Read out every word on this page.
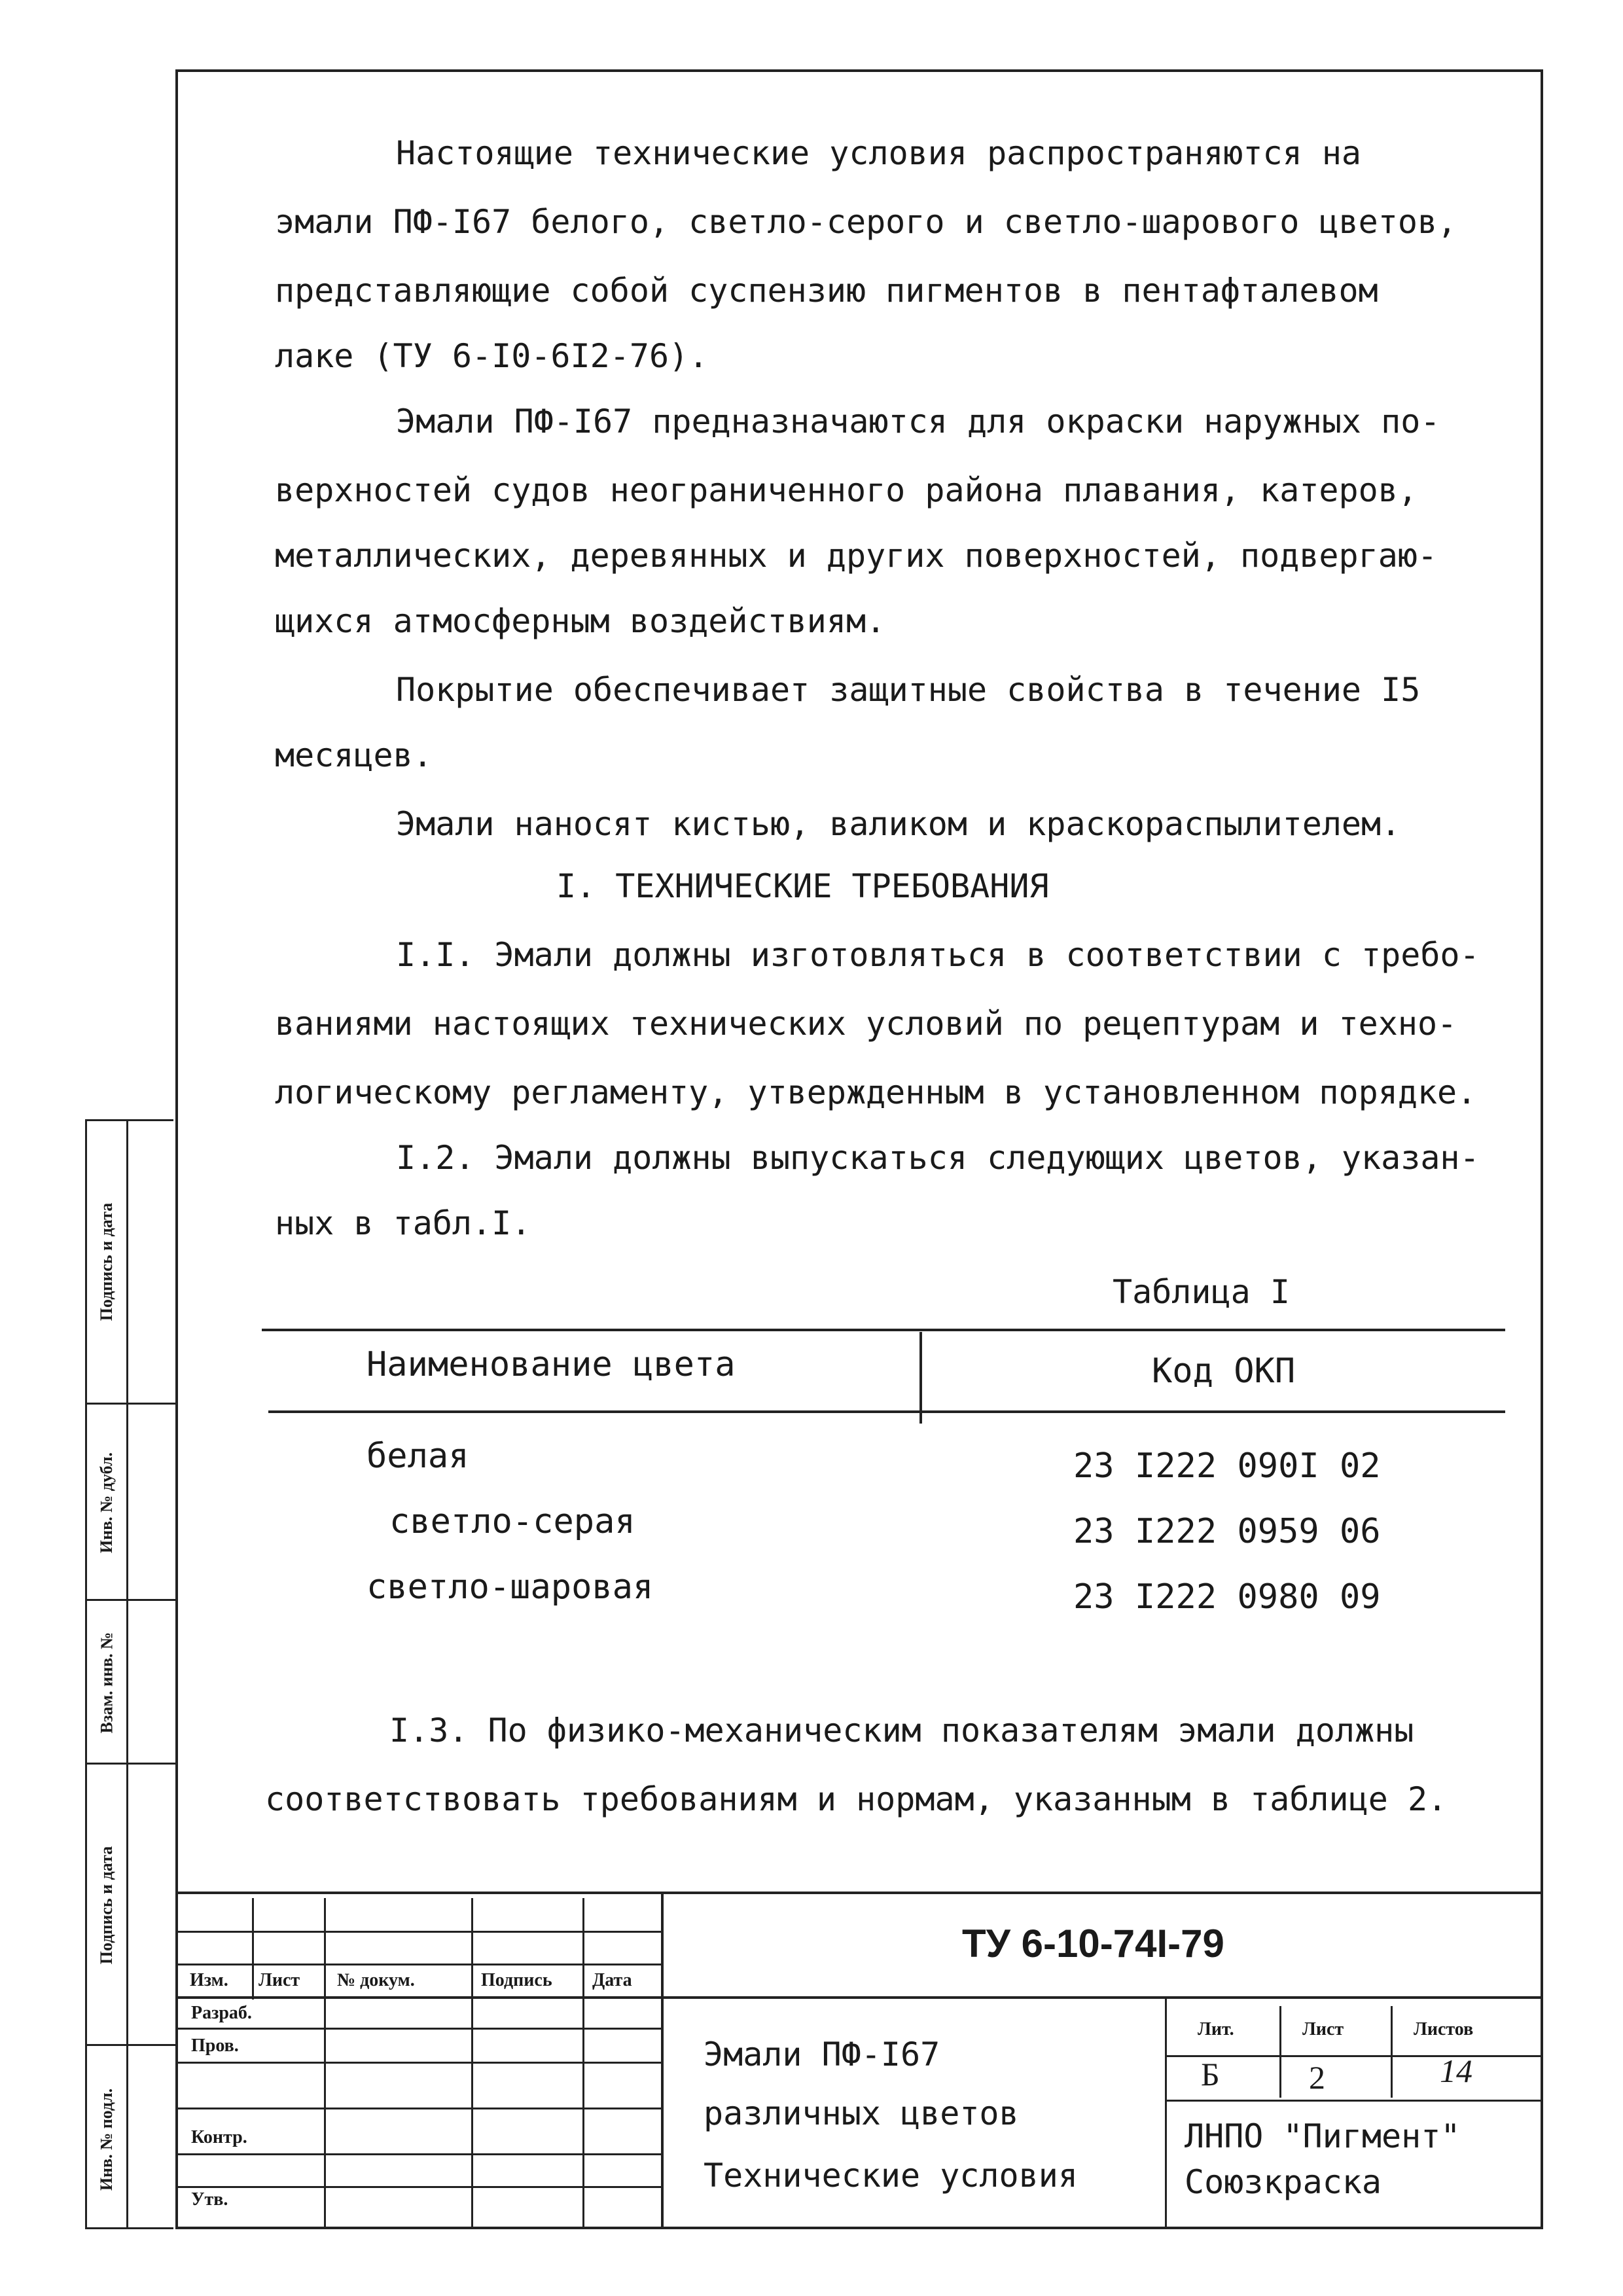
Подпись и дата
Инв. № дубл.
Взам. инв. №
Подпись и дата
Инв. № подл.
Настоящие технические условия распространяются на
эмали ПФ-I67 белого, светло-серого и светло-шарового цветов,
представляющие собой суспензию пигментов в пентафталевом
лаке (ТУ 6-I0-6I2-76).
Эмали ПФ-I67 предназначаются для окраски наружных по-
верхностей судов неограниченного района плавания, катеров,
металлических, деревянных и других поверхностей, подвергаю-
щихся атмосферным воздействиям.
Покрытие обеспечивает защитные свойства в течение I5
месяцев.
Эмали наносят кистью, валиком и краскораспылителем.
I. ТЕХНИЧЕСКИЕ ТРЕБОВАНИЯ
I.I. Эмали должны изготовляться в соответствии с требо-
ваниями настоящих технических условий по рецептурам и техно-
логическому регламенту, утвержденным в установленном порядке.
I.2. Эмали должны выпускаться следующих цветов, указан-
ных в табл.I.
Таблица I
Наименование цвета	Код ОКП
белая	23 I222 090I 02
светло-серая	23 I222 0959 06
светло-шаровая	23 I222 0980 09
I.3. По физико-механическим показателям эмали должны
соответствовать требованиям и нормам, указанным в таблице 2.
Изм. Лист № докум.	Подпись Дата
Разраб.
Пров.
Контр.
Утв.
ТУ 6-10-74I-79
Эмали ПФ-I67
различных цветов
Технические условия
Лит.	Лист	Листов
Б	2	14
ЛНПО "Пигмент"
Союзкраска
